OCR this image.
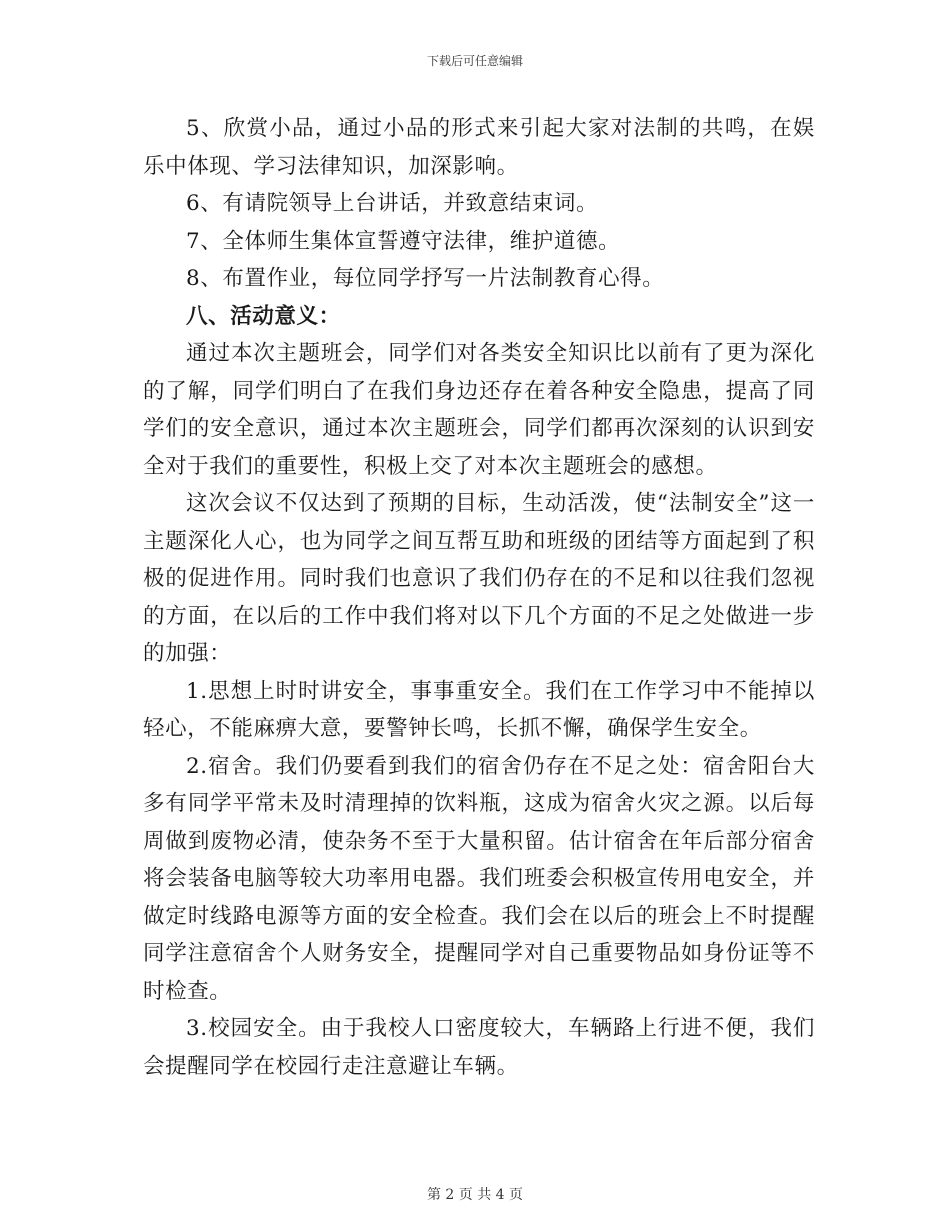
下载后可任意编辑

5、欣赏小品，通过小品的形式来引起大家对法制的共鸣，在娱乐中体现、学习法律知识，加深影响。

6、有请院领导上台讲话，并致意结束词。

7、全体师生集体宣誓遵守法律，维护道德。

8、布置作业，每位同学抒写一片法制教育心得。

八、活动意义：

通过本次主题班会，同学们对各类安全知识比以前有了更为深化的了解，同学们明白了在我们身边还存在着各种安全隐患，提高了同学们的安全意识，通过本次主题班会，同学们都再次深刻的认识到安全对于我们的重要性，积极上交了对本次主题班会的感想。

这次会议不仅达到了预期的目标，生动活泼，使“法制安全”这一主题深化人心，也为同学之间互帮互助和班级的团结等方面起到了积极的促进作用。同时我们也意识了我们仍存在的不足和以往我们忽视的方面，在以后的工作中我们将对以下几个方面的不足之处做进一步的加强：

1.思想上时时讲安全，事事重安全。我们在工作学习中不能掉以轻心，不能麻痹大意，要警钟长鸣，长抓不懈，确保学生安全。

2.宿舍。我们仍要看到我们的宿舍仍存在不足之处：宿舍阳台大多有同学平常未及时清理掉的饮料瓶，这成为宿舍火灾之源。以后每周做到废物必清，使杂务不至于大量积留。估计宿舍在年后部分宿舍将会装备电脑等较大功率用电器。我们班委会积极宣传用电安全，并做定时线路电源等方面的安全检查。我们会在以后的班会上不时提醒同学注意宿舍个人财务安全，提醒同学对自己重要物品如身份证等不时检查。

3.校园安全。由于我校人口密度较大，车辆路上行进不便，我们会提醒同学在校园行走注意避让车辆。

第 2 页 共 4 页
